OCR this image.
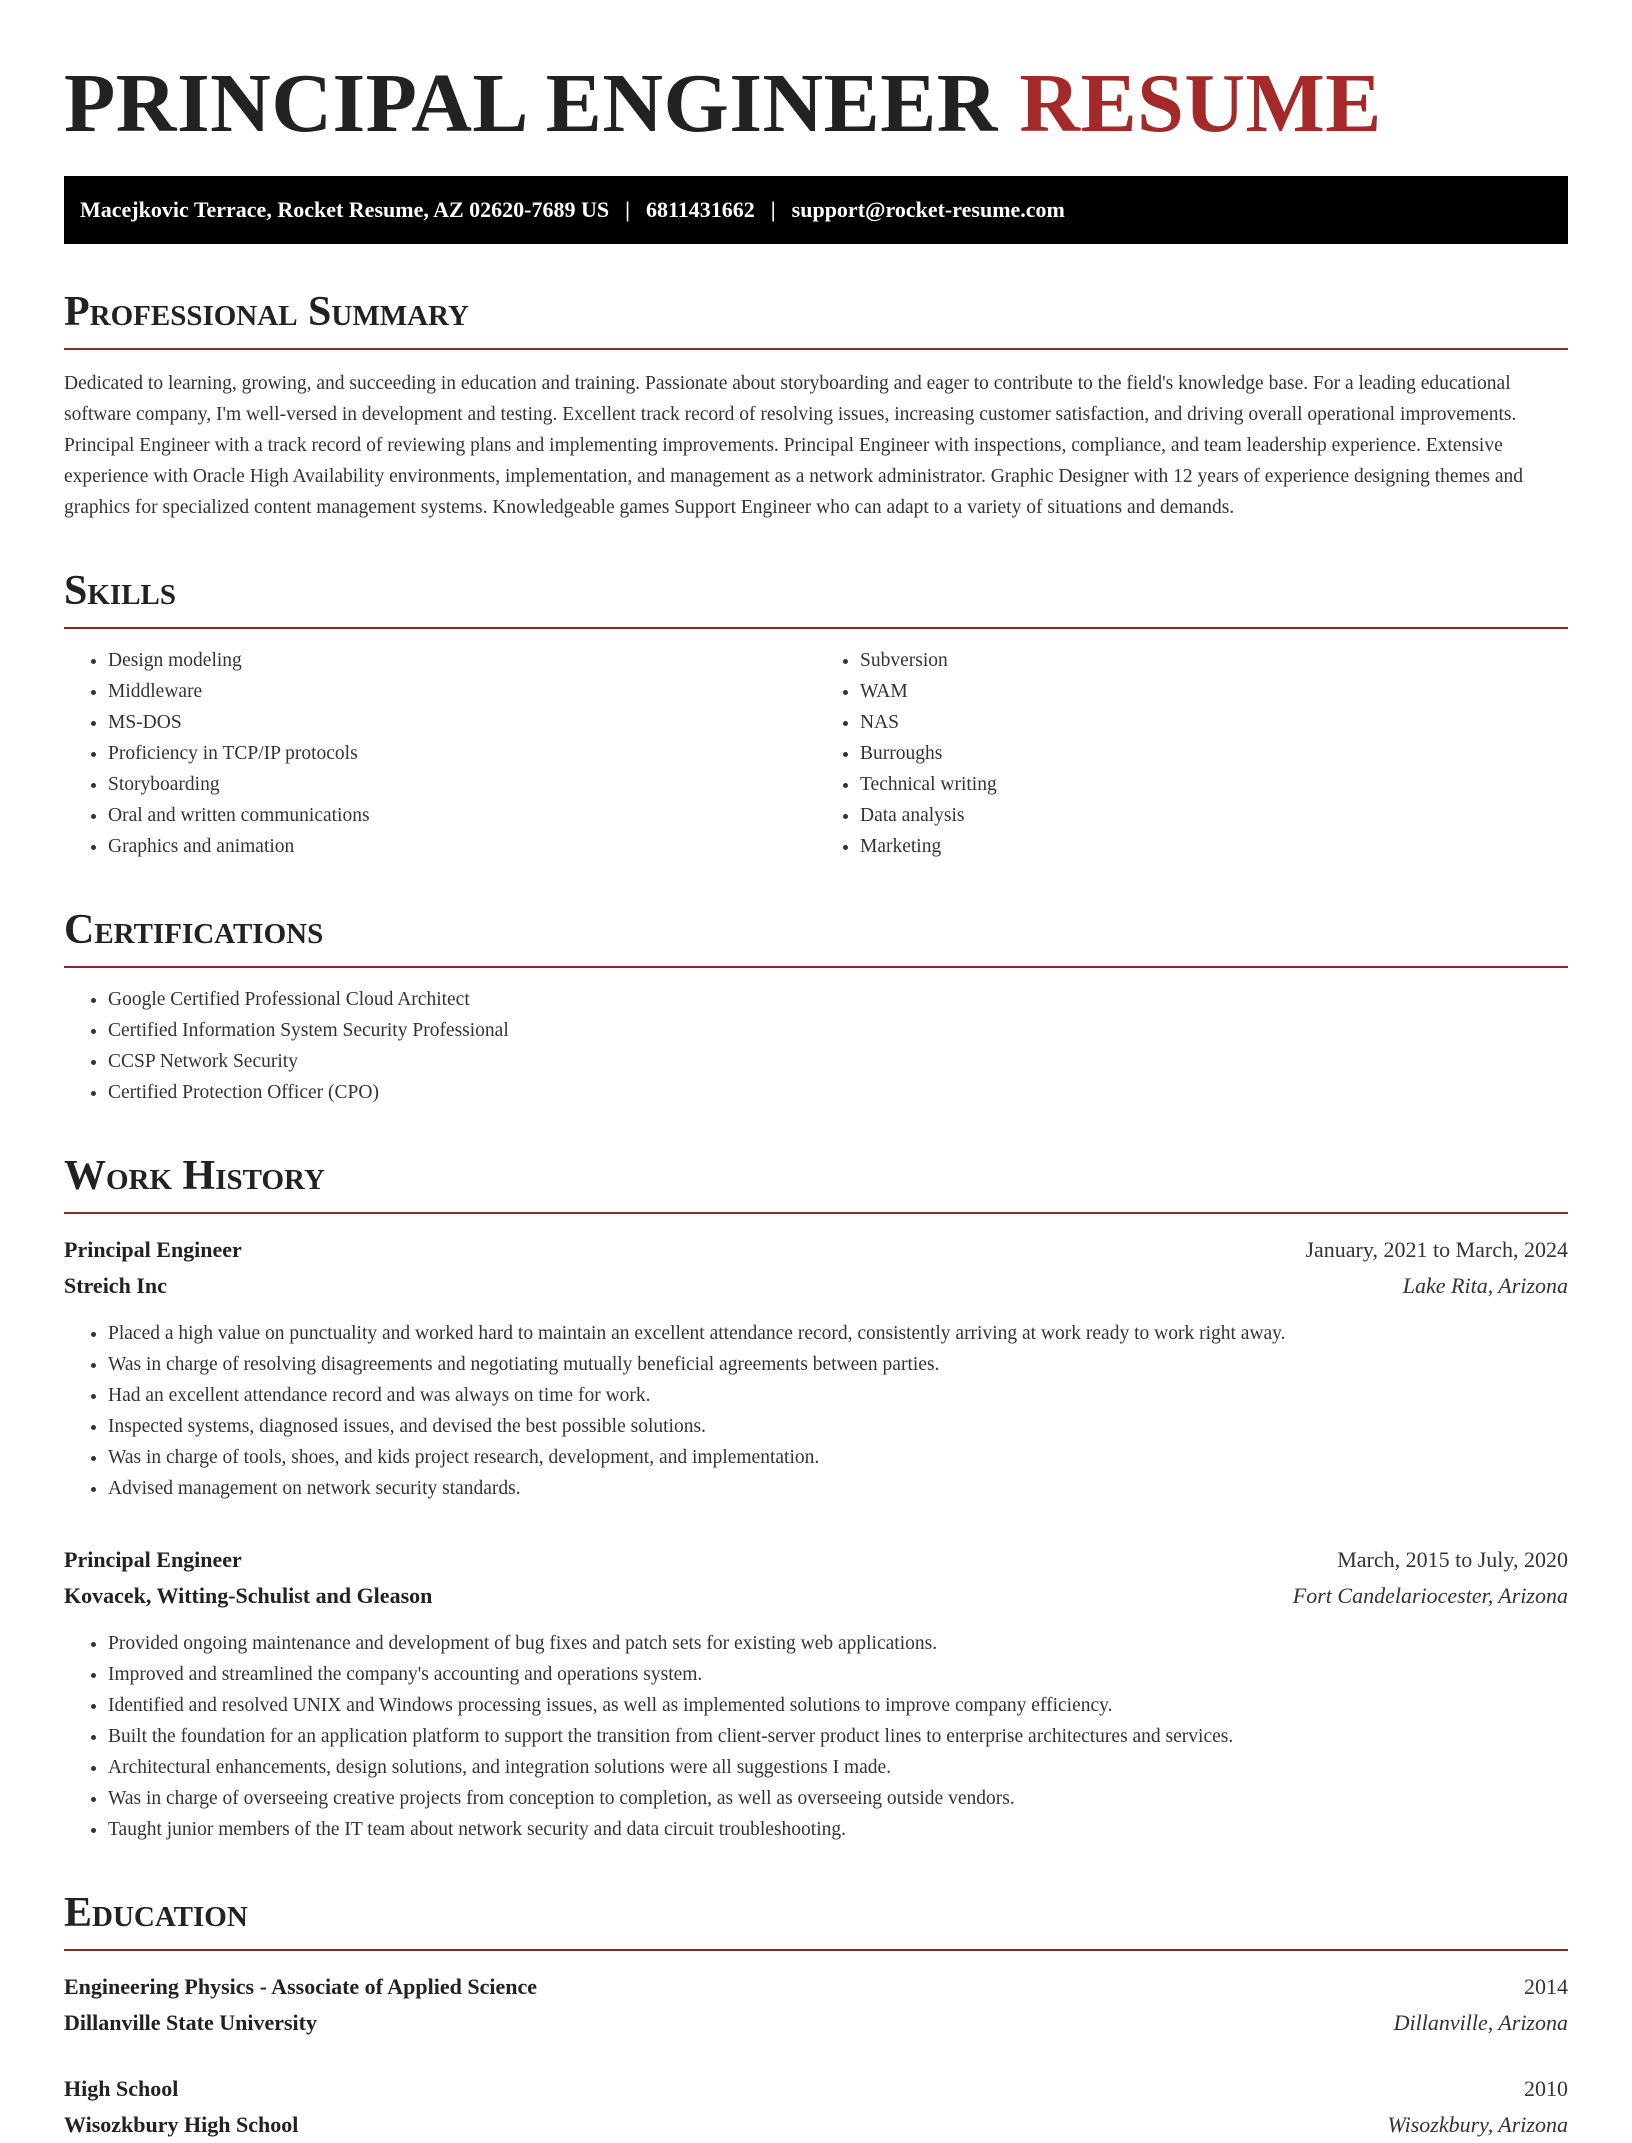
PRINCIPAL ENGINEER RESUME
Macejkovic Terrace, Rocket Resume, AZ 02620-7689 US | 6811431662 | support@rocket-resume.com
Professional Summary

Dedicated to learning, growing, and succeeding in education and training. Passionate about storyboarding and eager to contribute to the field's knowledge base. For a leading educational software company, I'm well-versed in development and testing. Excellent track record of resolving issues, increasing customer satisfaction, and driving overall operational improvements. Principal Engineer with a track record of reviewing plans and implementing improvements. Principal Engineer with inspections, compliance, and team leadership experience. Extensive experience with Oracle High Availability environments, implementation, and management as a network administrator. Graphic Designer with 12 years of experience designing themes and graphics for specialized content management systems. Knowledgeable games Support Engineer who can adapt to a variety of situations and demands.

Skills
• Design modeling
• Middleware
• MS-DOS
• Proficiency in TCP/IP protocols
• Storyboarding
• Oral and written communications
• Graphics and animation
• Subversion
• WAM
• NAS
• Burroughs
• Technical writing
• Data analysis
• Marketing
Certifications
• Google Certified Professional Cloud Architect
• Certified Information System Security Professional
• CCSP Network Security
• Certified Protection Officer (CPO)
Work History
Principal Engineer	January, 2021 to March, 2024
Streich Inc	Lake Rita, Arizona
• Placed a high value on punctuality and worked hard to maintain an excellent attendance record, consistently arriving at work ready to work right away.
• Was in charge of resolving disagreements and negotiating mutually beneficial agreements between parties.
• Had an excellent attendance record and was always on time for work.
• Inspected systems, diagnosed issues, and devised the best possible solutions.
• Was in charge of tools, shoes, and kids project research, development, and implementation.
• Advised management on network security standards.
Principal Engineer	March, 2015 to July, 2020
Kovacek, Witting-Schulist and Gleason	Fort Candelariocester, Arizona
• Provided ongoing maintenance and development of bug fixes and patch sets for existing web applications.
• Improved and streamlined the company's accounting and operations system.
• Identified and resolved UNIX and Windows processing issues, as well as implemented solutions to improve company efficiency.
• Built the foundation for an application platform to support the transition from client-server product lines to enterprise architectures and services.
• Architectural enhancements, design solutions, and integration solutions were all suggestions I made.
• Was in charge of overseeing creative projects from conception to completion, as well as overseeing outside vendors.
• Taught junior members of the IT team about network security and data circuit troubleshooting.
Education
Engineering Physics - Associate of Applied Science	2014
Dillanville State University	Dillanville, Arizona
High School	2010
Wisozkbury High School	Wisozkbury, Arizona
